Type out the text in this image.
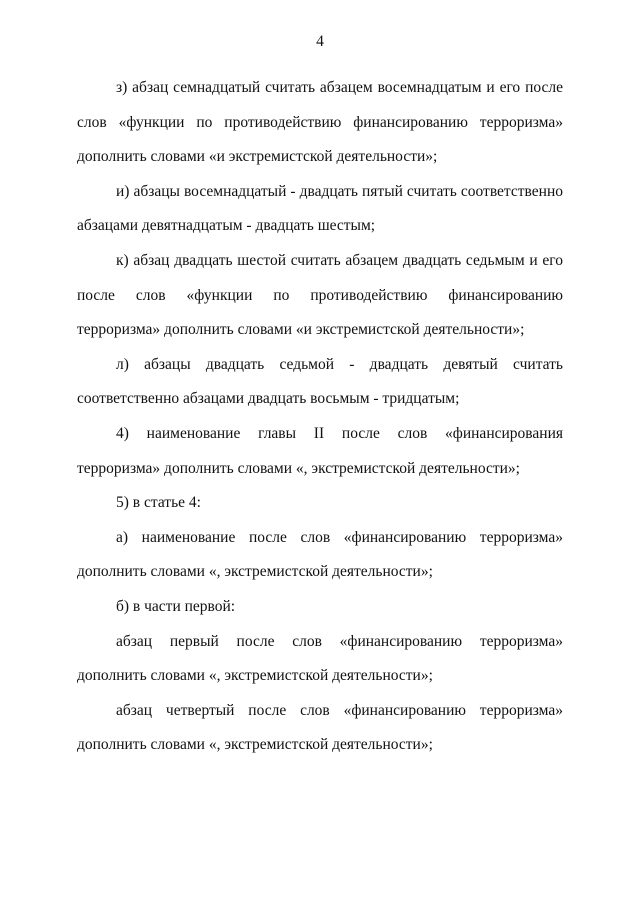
4

з) абзац семнадцатый считать абзацем восемнадцатым и его после слов «функции по противодействию финансированию терроризма» дополнить словами «и экстремистской деятельности»;

и) абзацы восемнадцатый - двадцать пятый считать соответственно абзацами девятнадцатым - двадцать шестым;

к) абзац двадцать шестой считать абзацем двадцать седьмым и его после слов «функции по противодействию финансированию терроризма» дополнить словами «и экстремистской деятельности»;

л) абзацы двадцать седьмой - двадцать девятый считать соответственно абзацами двадцать восьмым - тридцатым;

4) наименование главы II после слов «финансирования терроризма» дополнить словами «, экстремистской деятельности»;

5) в статье 4:

а) наименование после слов «финансированию терроризма» дополнить словами «, экстремистской деятельности»;

б) в части первой:

абзац первый после слов «финансированию терроризма» дополнить словами «, экстремистской деятельности»;

абзац четвертый после слов «финансированию терроризма» дополнить словами «, экстремистской деятельности»;
